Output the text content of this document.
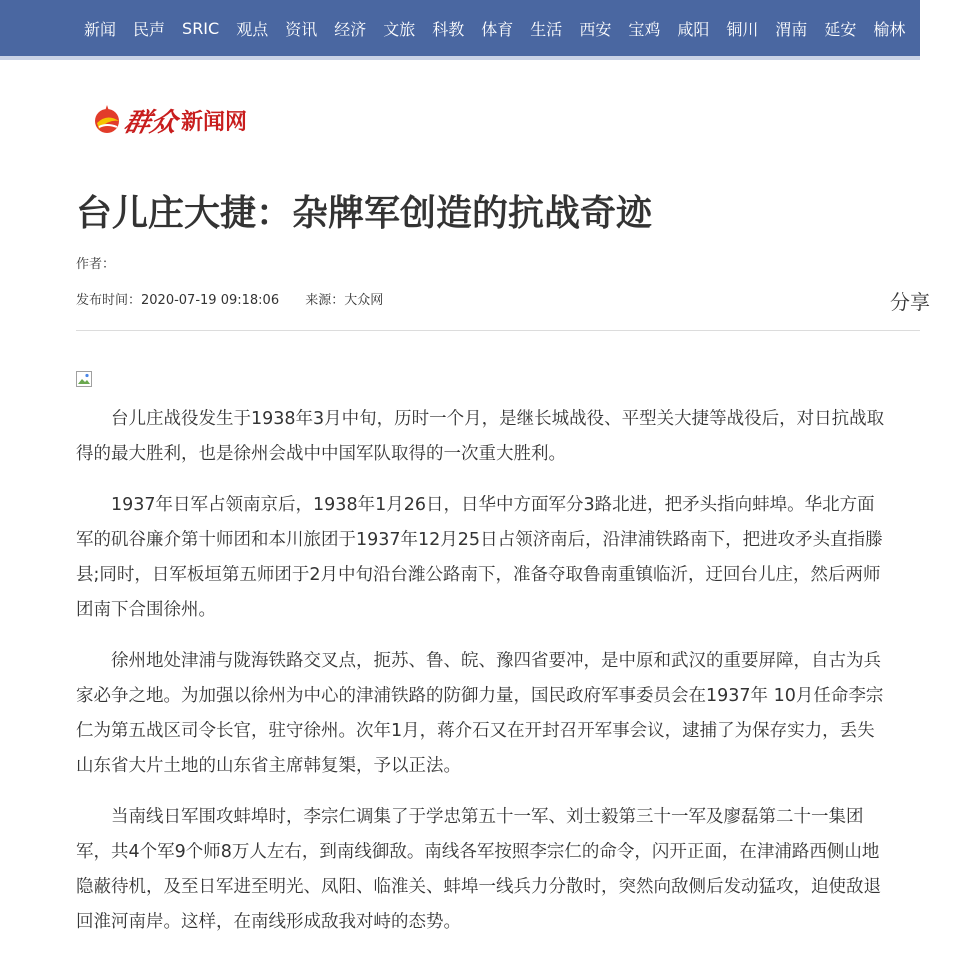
新闻 民声 SRIC 观点 资讯 经济 文旅 科教 体育 生活 西安 宝鸡 咸阳 铜川 渭南 延安 榆林 汉
群众 新闻网
台儿庄大捷：杂牌军创造的抗战奇迹
作者：
发布时间：2020-07-19 09:18:06 来源：大众网	分享

台儿庄战役发生于1938年3月中旬，历时一个月，是继长城战役、平型关大捷等战役后，对日抗战取得的最大胜利，也是徐州会战中中国军队取得的一次重大胜利。

1937年日军占领南京后，1938年1月26日，日华中方面军分3路北进，把矛头指向蚌埠。华北方面军的矶谷廉介第十师团和本川旅团于1937年12月25日占领济南后，沿津浦铁路南下，把进攻矛头直指滕县;同时，日军板垣第五师团于2月中旬沿台潍公路南下，准备夺取鲁南重镇临沂，迂回台儿庄，然后两师团南下合围徐州。

徐州地处津浦与陇海铁路交叉点，扼苏、鲁、皖、豫四省要冲，是中原和武汉的重要屏障，自古为兵家必争之地。为加强以徐州为中心的津浦铁路的防御力量，国民政府军事委员会在1937年 10月任命李宗仁为第五战区司令长官，驻守徐州。次年1月，蒋介石又在开封召开军事会议，逮捕了为保存实力，丢失山东省大片土地的山东省主席韩复榘，予以正法。

当南线日军围攻蚌埠时，李宗仁调集了于学忠第五十一军、刘士毅第三十一军及廖磊第二十一集团军，共4个军9个师8万人左右，到南线御敌。南线各军按照李宗仁的命令，闪开正面，在津浦路西侧山地隐蔽待机，及至日军进至明光、凤阳、临淮关、蚌埠一线兵力分散时，突然向敌侧后发动猛攻，迫使敌退回淮河南岸。这样，在南线形成敌我对峙的态势。
